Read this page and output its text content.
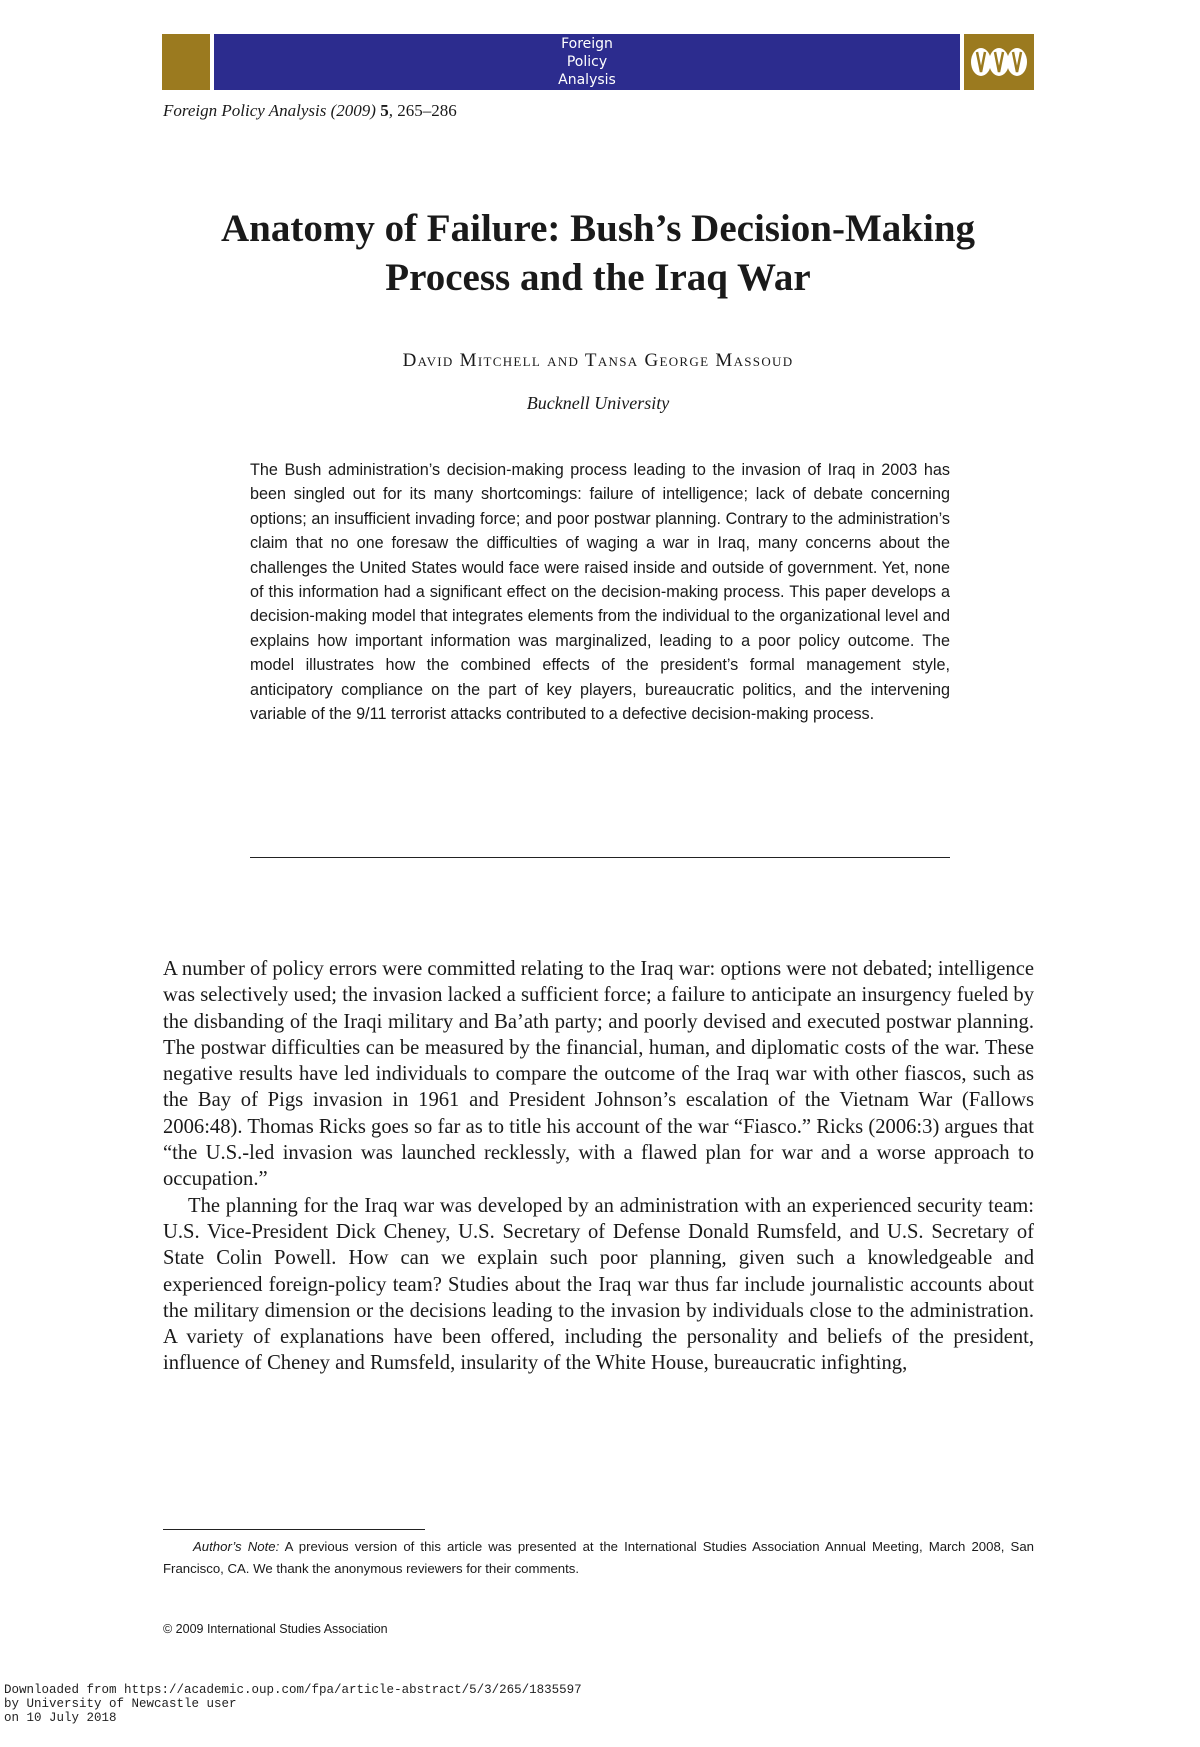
Foreign
Policy
Analysis
Foreign Policy Analysis (2009) 5, 265–286
Anatomy of Failure: Bush’s Decision-Making Process and the Iraq War
David Mitchell and Tansa George Massoud
Bucknell University

The Bush administration’s decision-making process leading to the invasion of Iraq in 2003 has been singled out for its many shortcomings: failure of intelligence; lack of debate concerning options; an insufficient invading force; and poor postwar planning. Contrary to the administration’s claim that no one foresaw the difficulties of waging a war in Iraq, many concerns about the challenges the United States would face were raised inside and outside of government. Yet, none of this information had a significant effect on the decision-making process. This paper develops a decision-making model that integrates elements from the individual to the organizational level and explains how important information was marginalized, leading to a poor policy outcome. The model illustrates how the combined effects of the president’s formal management style, anticipatory compliance on the part of key players, bureaucratic politics, and the intervening variable of the 9/11 terrorist attacks contributed to a defective decision-making process.

A number of policy errors were committed relating to the Iraq war: options were not debated; intelligence was selectively used; the invasion lacked a sufficient force; a failure to anticipate an insurgency fueled by the disbanding of the Iraqi military and Ba’ath party; and poorly devised and executed postwar planning. The postwar difficulties can be measured by the financial, human, and diplomatic costs of the war. These negative results have led individuals to compare the outcome of the Iraq war with other fiascos, such as the Bay of Pigs invasion in 1961 and President Johnson’s escalation of the Vietnam War (Fallows 2006:48). Thomas Ricks goes so far as to title his account of the war “Fiasco.” Ricks (2006:3) argues that “the U.S.-led invasion was launched recklessly, with a flawed plan for war and a worse approach to occupation.”

The planning for the Iraq war was developed by an administration with an experienced security team: U.S. Vice-President Dick Cheney, U.S. Secretary of Defense Donald Rumsfeld, and U.S. Secretary of State Colin Powell. How can we explain such poor planning, given such a knowledgeable and experienced foreign-policy team? Studies about the Iraq war thus far include journalistic accounts about the military dimension or the decisions leading to the invasion by individuals close to the administration. A variety of explanations have been offered, including the personality and beliefs of the president, influence of Cheney and Rumsfeld, insularity of the White House, bureaucratic infighting,

Author’s Note: A previous version of this article was presented at the International Studies Association Annual Meeting, March 2008, San Francisco, CA. We thank the anonymous reviewers for their comments.

© 2009 International Studies Association
Downloaded from https://academic.oup.com/fpa/article-abstract/5/3/265/1835597
by University of Newcastle user
on 10 July 2018
